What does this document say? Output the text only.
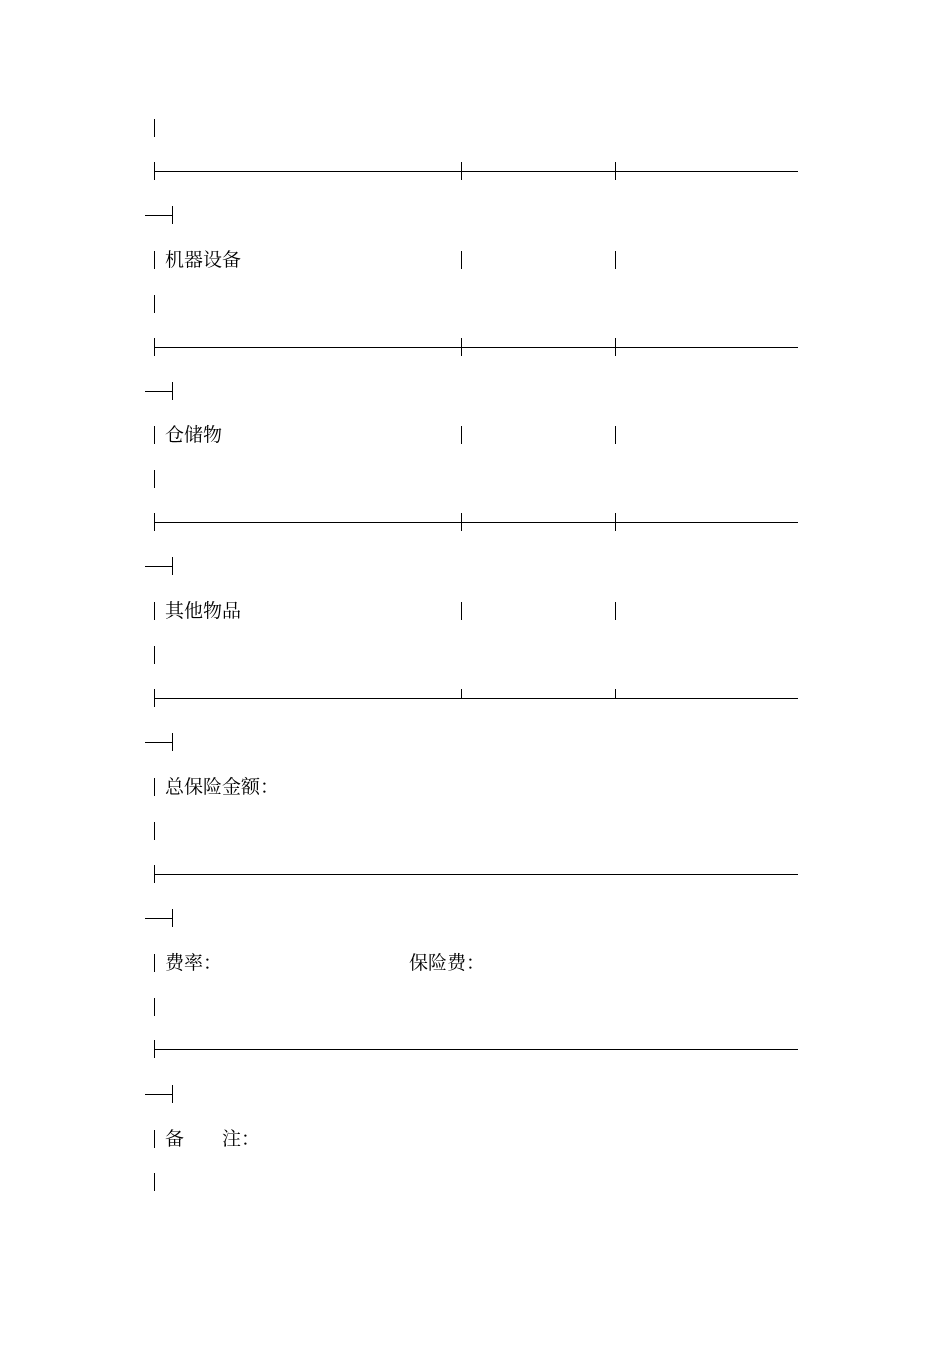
机器设备
仓储物
其他物品
总保险金额：
费率：	保险费：
备 注：
